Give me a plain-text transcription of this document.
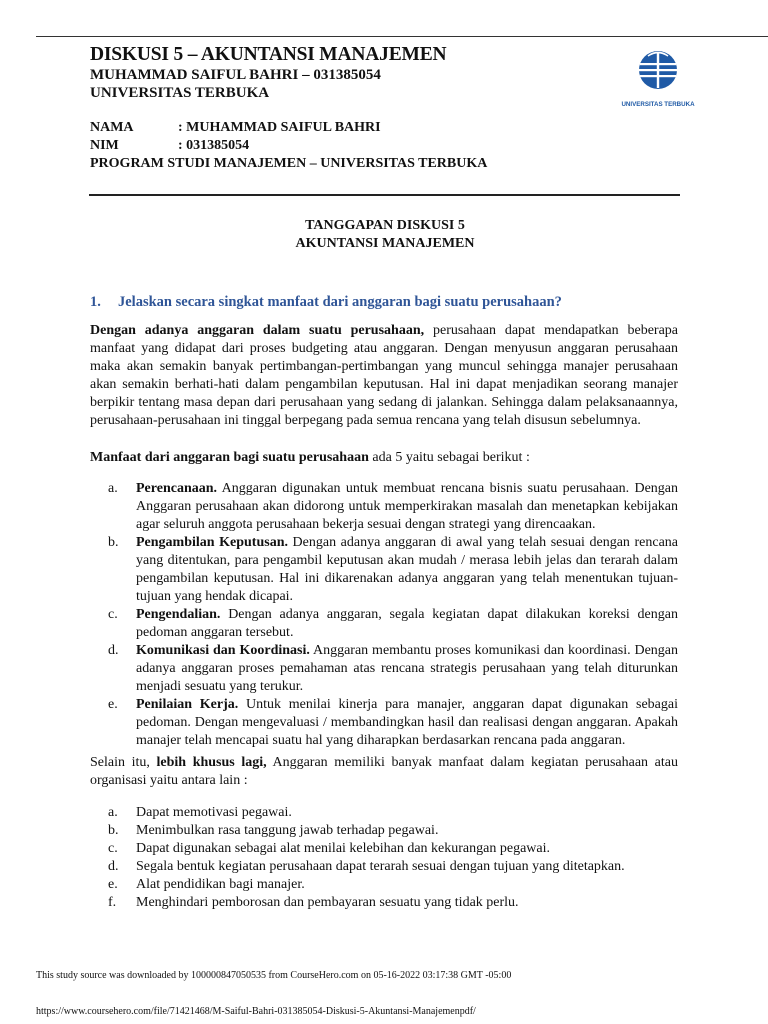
DISKUSI 5 – AKUNTANSI MANAJEMEN
MUHAMMAD SAIFUL BAHRI – 031385054
UNIVERSITAS TERBUKA
UNIVERSITAS TERBUKA
NAMA	: MUHAMMAD SAIFUL BAHRI
NIM	: 031385054
PROGRAM STUDI MANAJEMEN – UNIVERSITAS TERBUKA
TANGGAPAN DISKUSI 5
AKUNTANSI MANAJEMEN
1. Jelaskan secara singkat manfaat dari anggaran bagi suatu perusahaan?

Dengan adanya anggaran dalam suatu perusahaan, perusahaan dapat mendapatkan beberapa manfaat yang didapat dari proses budgeting atau anggaran. Dengan menyusun anggaran perusahaan maka akan semakin banyak pertimbangan-pertimbangan yang muncul sehingga manajer perusahaan akan semakin berhati-hati dalam pengambilan keputusan. Hal ini dapat menjadikan seorang manajer berpikir tentang masa depan dari perusahaan yang sedang di jalankan. Sehingga dalam pelaksanaannya, perusahaan-perusahaan ini tinggal berpegang pada semua rencana yang telah disusun sebelumnya.

Manfaat dari anggaran bagi suatu perusahaan ada 5 yaitu sebagai berikut :

a.	Perencanaan. Anggaran digunakan untuk membuat rencana bisnis suatu perusahaan. Dengan Anggaran perusahaan akan didorong untuk memperkirakan masalah dan menetapkan kebijakan agar seluruh anggota perusahaan bekerja sesuai dengan strategi yang direncaakan.
b.	Pengambilan Keputusan. Dengan adanya anggaran di awal yang telah sesuai dengan rencana yang ditentukan, para pengambil keputusan akan mudah / merasa lebih jelas dan terarah dalam pengambilan keputusan. Hal ini dikarenakan adanya anggaran yang telah menentukan tujuan-tujuan yang hendak dicapai.
c.	Pengendalian. Dengan adanya anggaran, segala kegiatan dapat dilakukan koreksi dengan pedoman anggaran tersebut.
d.	Komunikasi dan Koordinasi. Anggaran membantu proses komunikasi dan koordinasi. Dengan adanya anggaran proses pemahaman atas rencana strategis perusahaan yang telah diturunkan menjadi sesuatu yang terukur.
e.	Penilaian Kerja. Untuk menilai kinerja para manajer, anggaran dapat digunakan sebagai pedoman. Dengan mengevaluasi / membandingkan hasil dan realisasi dengan anggaran. Apakah manajer telah mencapai suatu hal yang diharapkan berdasarkan rencana pada anggaran.

Selain itu, lebih khusus lagi, Anggaran memiliki banyak manfaat dalam kegiatan perusahaan atau organisasi yaitu antara lain :

a.	Dapat memotivasi pegawai.
b.	Menimbulkan rasa tanggung jawab terhadap pegawai.
c.	Dapat digunakan sebagai alat menilai kelebihan dan kekurangan pegawai.
d.	Segala bentuk kegiatan perusahaan dapat terarah sesuai dengan tujuan yang ditetapkan.
e.	Alat pendidikan bagi manajer.
f.	Menghindari pemborosan dan pembayaran sesuatu yang tidak perlu.
This study source was downloaded by 100000847050535 from CourseHero.com on 05-16-2022 03:17:38 GMT -05:00
https://www.coursehero.com/file/71421468/M-Saiful-Bahri-031385054-Diskusi-5-Akuntansi-Manajemenpdf/
